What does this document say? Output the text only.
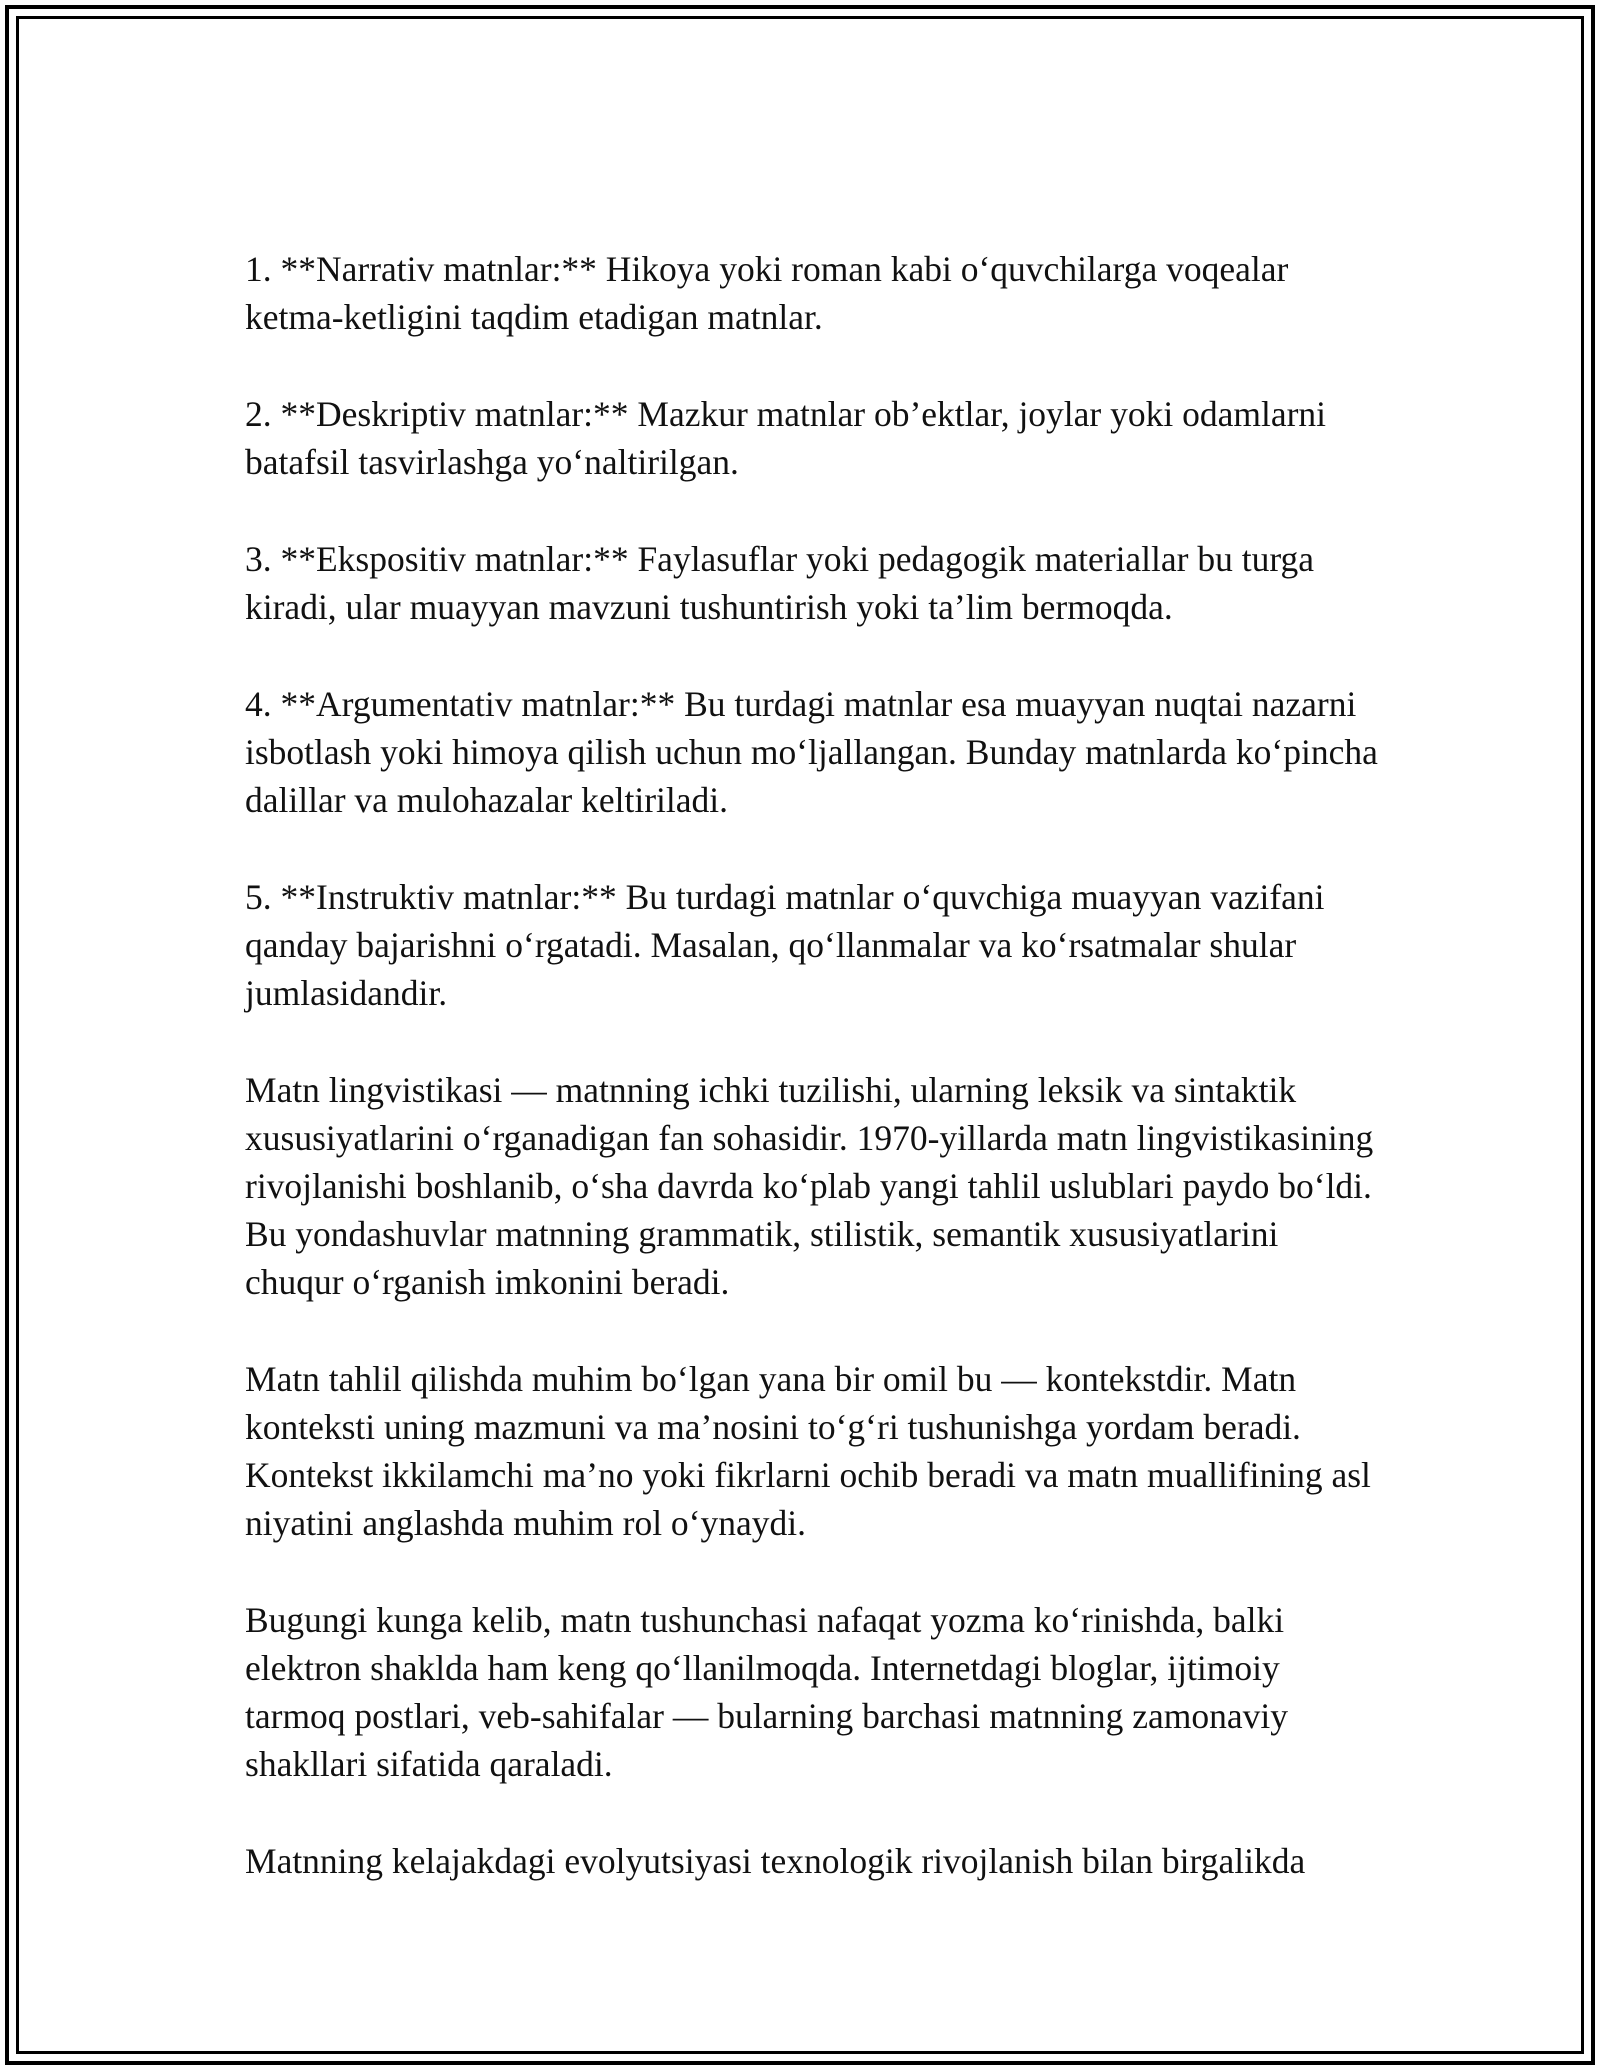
1. **Narrativ matnlar:** Hikoya yoki roman kabi o‘quvchilarga voqealar ketma-ketligini taqdim etadigan matnlar.

2. **Deskriptiv matnlar:** Mazkur matnlar ob’ektlar, joylar yoki odamlarni batafsil tasvirlashga yo‘naltirilgan.

3. **Ekspositiv matnlar:** Faylasuflar yoki pedagogik materiallar bu turga kiradi, ular muayyan mavzuni tushuntirish yoki ta’lim bermoqda.

4. **Argumentativ matnlar:** Bu turdagi matnlar esa muayyan nuqtai nazarni isbotlash yoki himoya qilish uchun mo‘ljallangan. Bunday matnlarda ko‘pincha dalillar va mulohazalar keltiriladi.

5. **Instruktiv matnlar:** Bu turdagi matnlar o‘quvchiga muayyan vazifani qanday bajarishni o‘rgatadi. Masalan, qo‘llanmalar va ko‘rsatmalar shular jumlasidandir.

Matn lingvistikasi — matnning ichki tuzilishi, ularning leksik va sintaktik xususiyatlarini o‘rganadigan fan sohasidir. 1970-yillarda matn lingvistikasining rivojlanishi boshlanib, o‘sha davrda ko‘plab yangi tahlil uslublari paydo bo‘ldi. Bu yondashuvlar matnning grammatik, stilistik, semantik xususiyatlarini chuqur o‘rganish imkonini beradi.

Matn tahlil qilishda muhim bo‘lgan yana bir omil bu — kontekstdir. Matn konteksti uning mazmuni va ma’nosini to‘g‘ri tushunishga yordam beradi. Kontekst ikkilamchi ma’no yoki fikrlarni ochib beradi va matn muallifining asl niyatini anglashda muhim rol o‘ynaydi.

Bugungi kunga kelib, matn tushunchasi nafaqat yozma ko‘rinishda, balki elektron shaklda ham keng qo‘llanilmoqda. Internetdagi bloglar, ijtimoiy tarmoq postlari, veb-sahifalar — bularning barchasi matnning zamonaviy shakllari sifatida qaraladi.

Matnning kelajakdagi evolyutsiyasi texnologik rivojlanish bilan birgalikda
